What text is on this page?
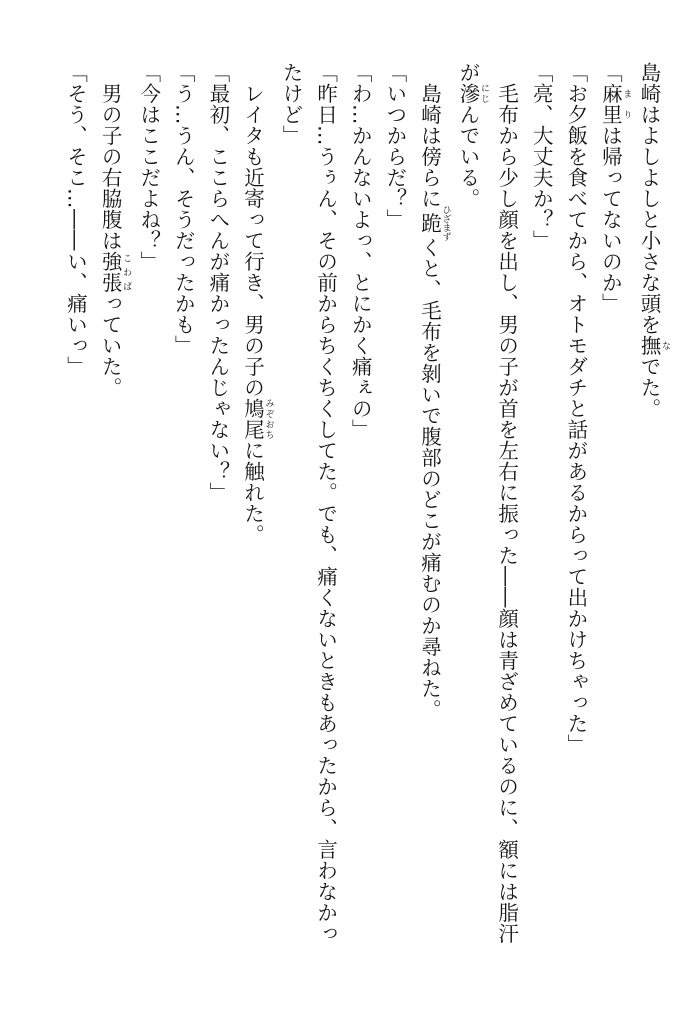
島崎はよしよしと小さな頭を撫 なでた。
「麻里 まりは帰ってないのか」
「お夕飯を食べてから、オトモダチと話があるからって出かけちゃった」
「亮、大丈夫か？」
　毛布から少し顔を出し、男の子が首を左右に振った――顔は青ざめているのに、額には脂汗
が滲 にじんでいる。
　島崎は傍らに跪 ひざまずくと、毛布を剝いで腹部のどこが痛むのか尋ねた。
「いつからだ？」
「わ…かんないよっ、とにかく痛ぇの」
「昨日…うぅん、その前からちくちくしてた。でも、痛くないときもあったから、言わなかっ
たけど」
　レイタも近寄って行き、男の子の鳩尾 みぞおちに触れた。
「最初、ここらへんが痛かったんじゃない？」
「う…うん、そうだったかも」
「今はここだよね？」
　男の子の右脇腹は強張 こわばっていた。
「そう、そこ…――い、痛いっ」
